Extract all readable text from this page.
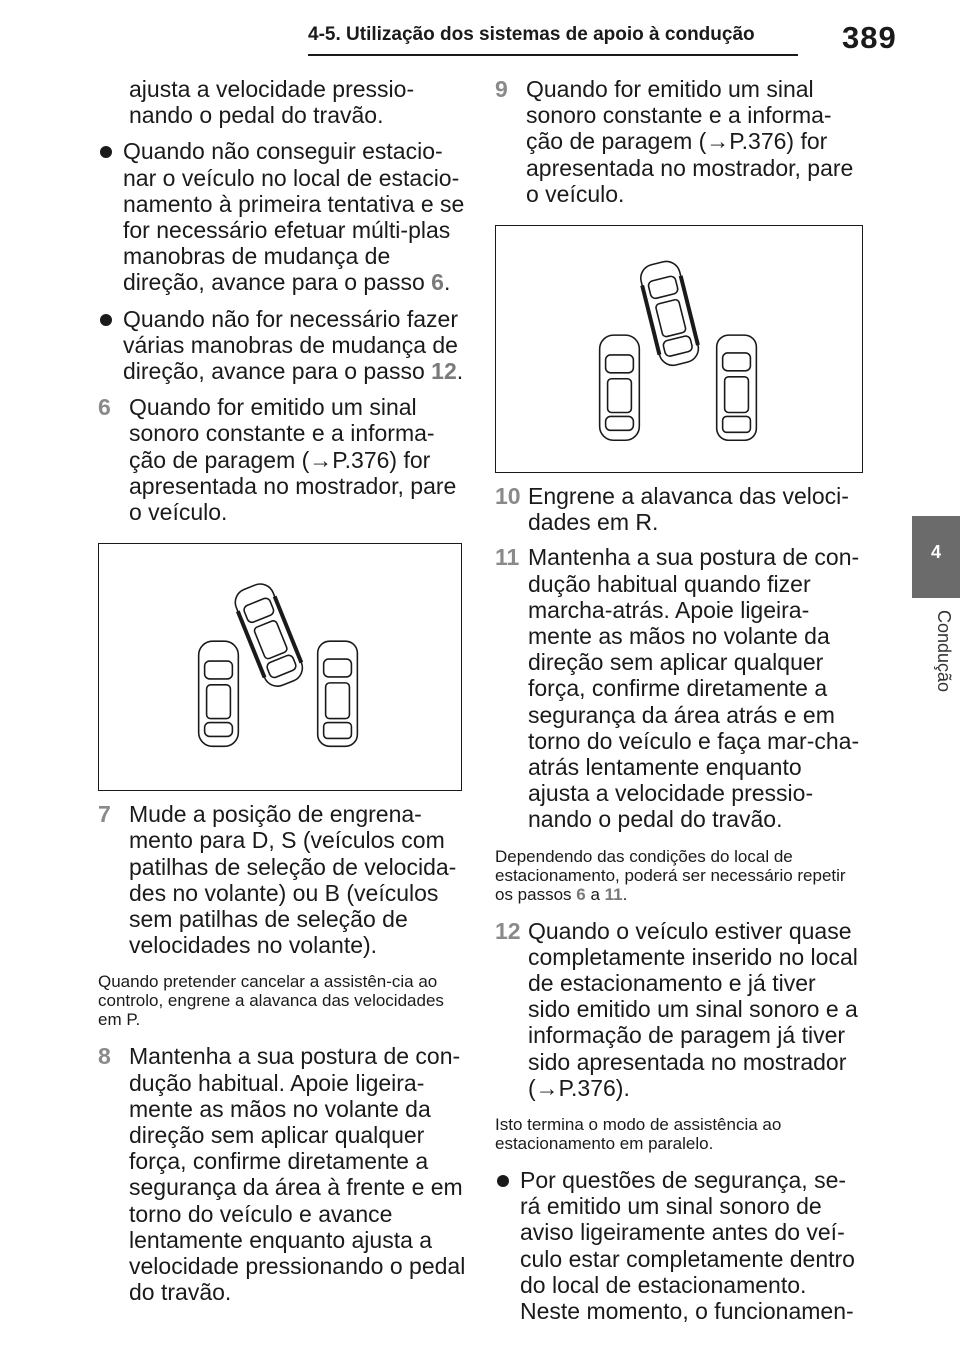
4-5. Utilização dos sistemas de apoio à condução	389
4
Condução

ajusta a velocidade pressio-nando o pedal do travão.

Quando não conseguir estacio-nar o veículo no local de estacio-namento à primeira tentativa e se for necessário efetuar múlti-plas manobras de mudança de direção, avance para o passo 6.
Quando não for necessário fazer várias manobras de mudança de direção, avance para o passo 12.
6 Quando for emitido um sinal sonoro constante e a informa-ção de paragem (→P.376) for apresentada no mostrador, pare o veículo.
7 Mude a posição de engrena-mento para D, S (veículos com patilhas de seleção de velocida-des no volante) ou B (veículos sem patilhas de seleção de velocidades no volante).

Quando pretender cancelar a assistên-cia ao controlo, engrene a alavanca das velocidades em P.

8 Mantenha a sua postura de con-dução habitual. Apoie ligeira-mente as mãos no volante da direção sem aplicar qualquer força, confirme diretamente a segurança da área à frente e em torno do veículo e avance lentamente enquanto ajusta a velocidade pressionando o pedal do travão.
9 Quando for emitido um sinal sonoro constante e a informa-ção de paragem (→P.376) for apresentada no mostrador, pare o veículo.
10 Engrene a alavanca das veloci-dades em R.
11 Mantenha a sua postura de con-dução habitual quando fizer marcha-atrás. Apoie ligeira-mente as mãos no volante da direção sem aplicar qualquer força, confirme diretamente a segurança da área atrás e em torno do veículo e faça mar-cha-atrás lentamente enquanto ajusta a velocidade pressio-nando o pedal do travão.

Dependendo das condições do local de estacionamento, poderá ser necessário repetir os passos 6 a 11.

12 Quando o veículo estiver quase completamente inserido no local de estacionamento e já tiver sido emitido um sinal sonoro e a informação de paragem já tiver sido apresentada no mostrador (→P.376).

Isto termina o modo de assistência ao estacionamento em paralelo.

Por questões de segurança, se-rá emitido um sinal sonoro de aviso ligeiramente antes do veí-culo estar completamente dentro do local de estacionamento. Neste momento, o funcionamen-
